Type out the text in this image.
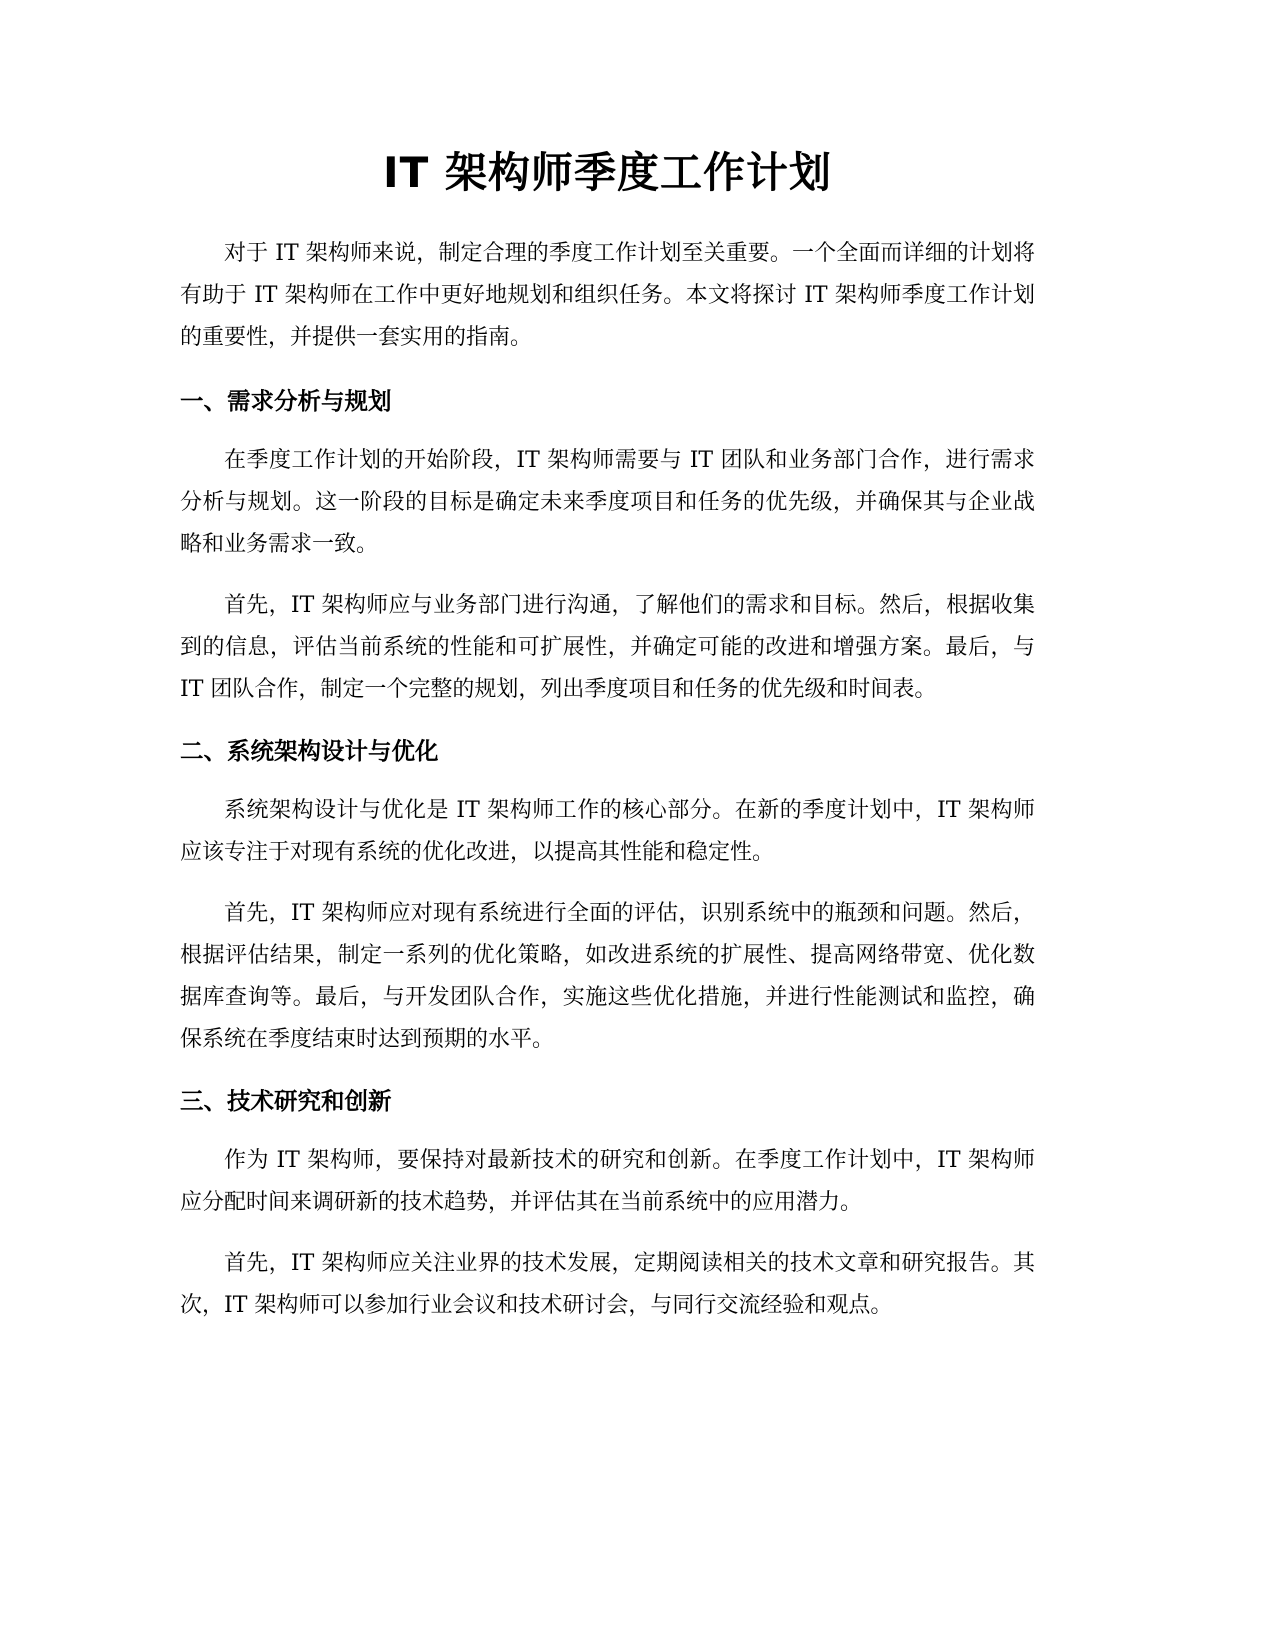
IT 架构师季度工作计划

对于 IT 架构师来说，制定合理的季度工作计划至关重要。一个全面而详细的计划将有助于 IT 架构师在工作中更好地规划和组织任务。本文将探讨 IT 架构师季度工作计划的重要性，并提供一套实用的指南。

一、需求分析与规划

在季度工作计划的开始阶段，IT 架构师需要与 IT 团队和业务部门合作，进行需求分析与规划。这一阶段的目标是确定未来季度项目和任务的优先级，并确保其与企业战略和业务需求一致。

首先，IT 架构师应与业务部门进行沟通，了解他们的需求和目标。然后，根据收集到的信息，评估当前系统的性能和可扩展性，并确定可能的改进和增强方案。最后，与 IT 团队合作，制定一个完整的规划，列出季度项目和任务的优先级和时间表。

二、系统架构设计与优化

系统架构设计与优化是 IT 架构师工作的核心部分。在新的季度计划中，IT 架构师应该专注于对现有系统的优化改进，以提高其性能和稳定性。

首先，IT 架构师应对现有系统进行全面的评估，识别系统中的瓶颈和问题。然后，根据评估结果，制定一系列的优化策略，如改进系统的扩展性、提高网络带宽、优化数据库查询等。最后，与开发团队合作，实施这些优化措施，并进行性能测试和监控，确保系统在季度结束时达到预期的水平。

三、技术研究和创新

作为 IT 架构师，要保持对最新技术的研究和创新。在季度工作计划中，IT 架构师应分配时间来调研新的技术趋势，并评估其在当前系统中的应用潜力。

首先，IT 架构师应关注业界的技术发展，定期阅读相关的技术文章和研究报告。其次，IT 架构师可以参加行业会议和技术研讨会，与同行交流经验和观点。
